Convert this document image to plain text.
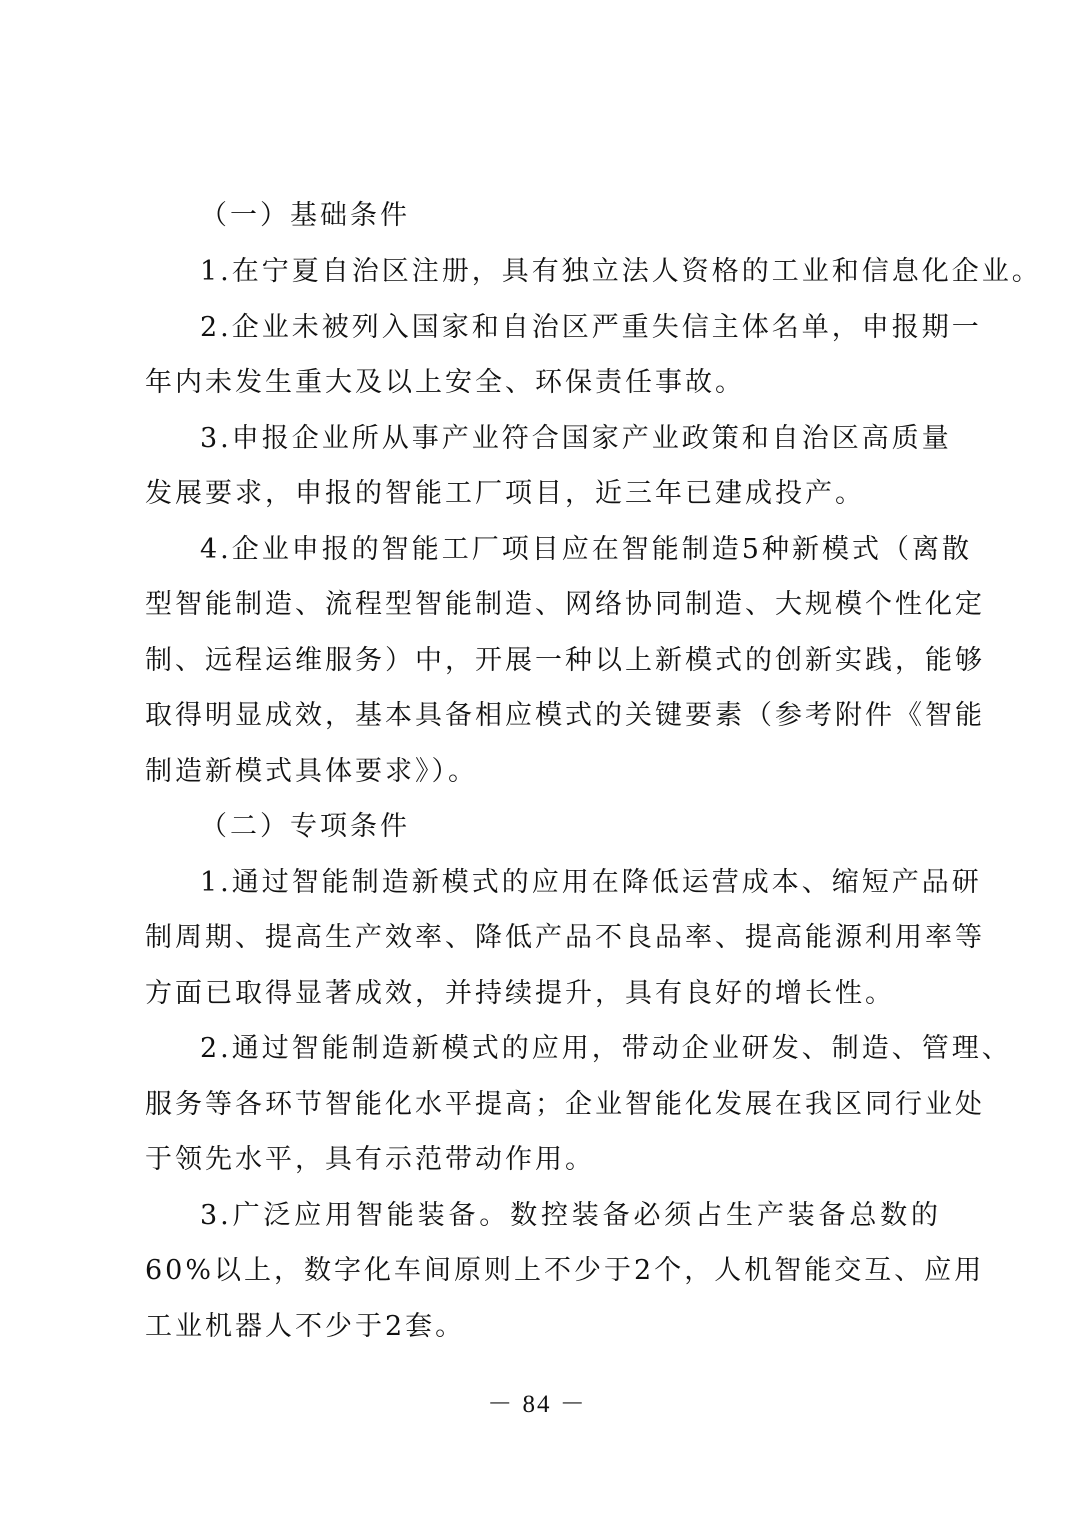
（一）基础条件
1.在宁夏自治区注册，具有独立法人资格的工业和信息化企业。
2.企业未被列入国家和自治区严重失信主体名单，申报期一
年内未发生重大及以上安全、环保责任事故。
3.申报企业所从事产业符合国家产业政策和自治区高质量
发展要求，申报的智能工厂项目，近三年已建成投产。
4.企业申报的智能工厂项目应在智能制造5种新模式（离散
型智能制造、流程型智能制造、网络协同制造、大规模个性化定
制、远程运维服务）中，开展一种以上新模式的创新实践，能够
取得明显成效，基本具备相应模式的关键要素（参考附件《智能
制造新模式具体要求》）。
（二）专项条件
1.通过智能制造新模式的应用在降低运营成本、缩短产品研
制周期、提高生产效率、降低产品不良品率、提高能源利用率等
方面已取得显著成效，并持续提升，具有良好的增长性。
2.通过智能制造新模式的应用，带动企业研发、制造、管理、
服务等各环节智能化水平提高；企业智能化发展在我区同行业处
于领先水平，具有示范带动作用。
3.广泛应用智能装备。数控装备必须占生产装备总数的
60%以上，数字化车间原则上不少于2个，人机智能交互、应用
工业机器人不少于2套。
－ 84 －
